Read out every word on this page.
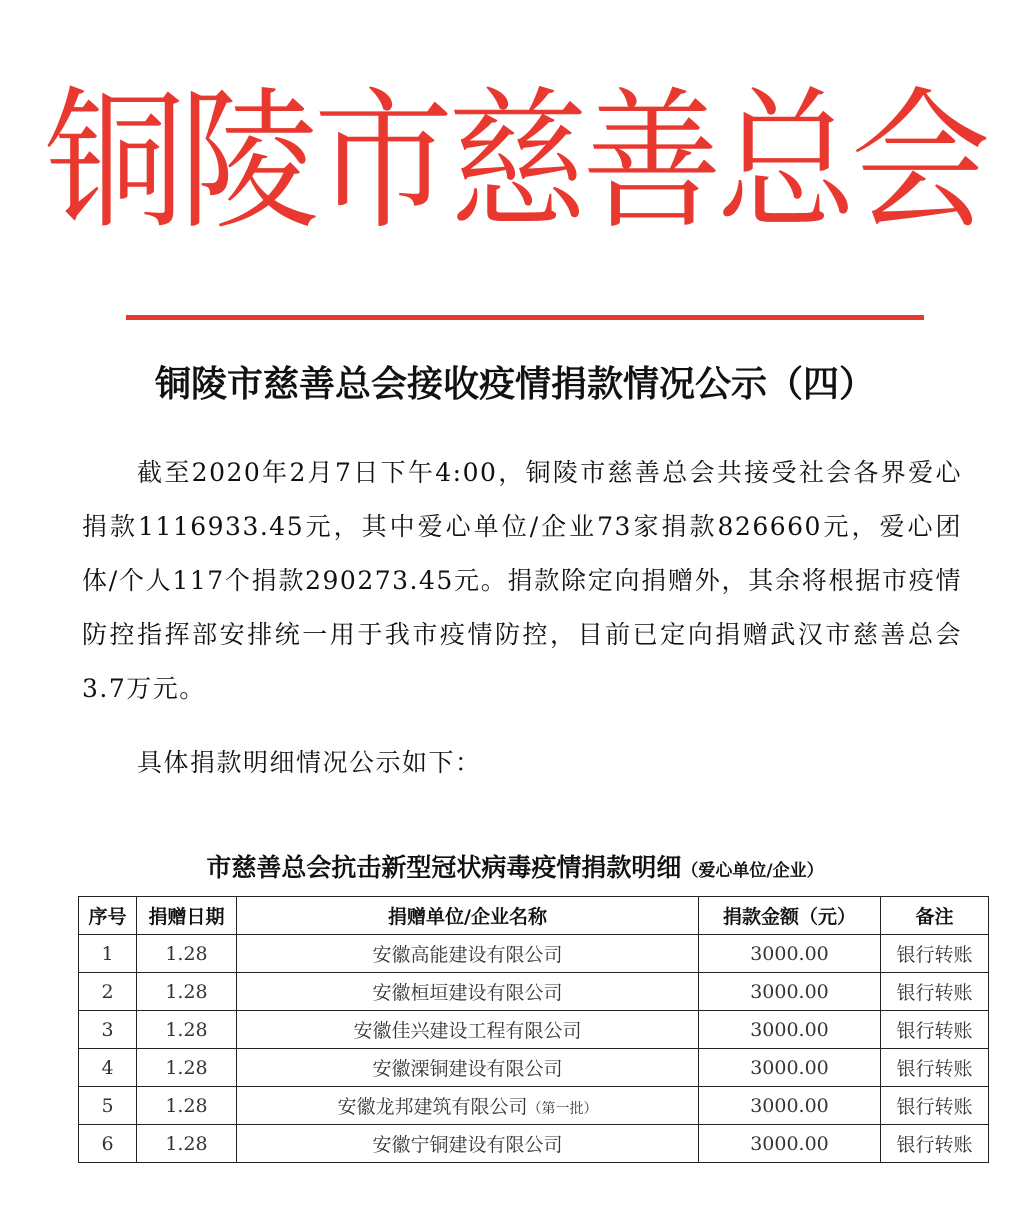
铜陵市慈善总会
铜陵市慈善总会接收疫情捐款情况公示（四）

截至2020年2月7日下午4:00，铜陵市慈善总会共接受社会各界爱心捐款1116933.45元，其中爱心单位/企业73家捐款826660元，爱心团体/个人117个捐款290273.45元。捐款除定向捐赠外，其余将根据市疫情防控指挥部安排统一用于我市疫情防控，目前已定向捐赠武汉市慈善总会3.7万元。

具体捐款明细情况公示如下：

市慈善总会抗击新型冠状病毒疫情捐款明细（爱心单位/企业）
序号	捐赠日期	捐赠单位/企业名称	捐款金额（元）	备注
1	1.28	安徽高能建设有限公司	3000.00	银行转账
2	1.28	安徽桓垣建设有限公司	3000.00	银行转账
3	1.28	安徽佳兴建设工程有限公司	3000.00	银行转账
4	1.28	安徽溧铜建设有限公司	3000.00	银行转账
5	1.28	安徽龙邦建筑有限公司（第一批）	3000.00	银行转账
6	1.28	安徽宁铜建设有限公司	3000.00	银行转账
